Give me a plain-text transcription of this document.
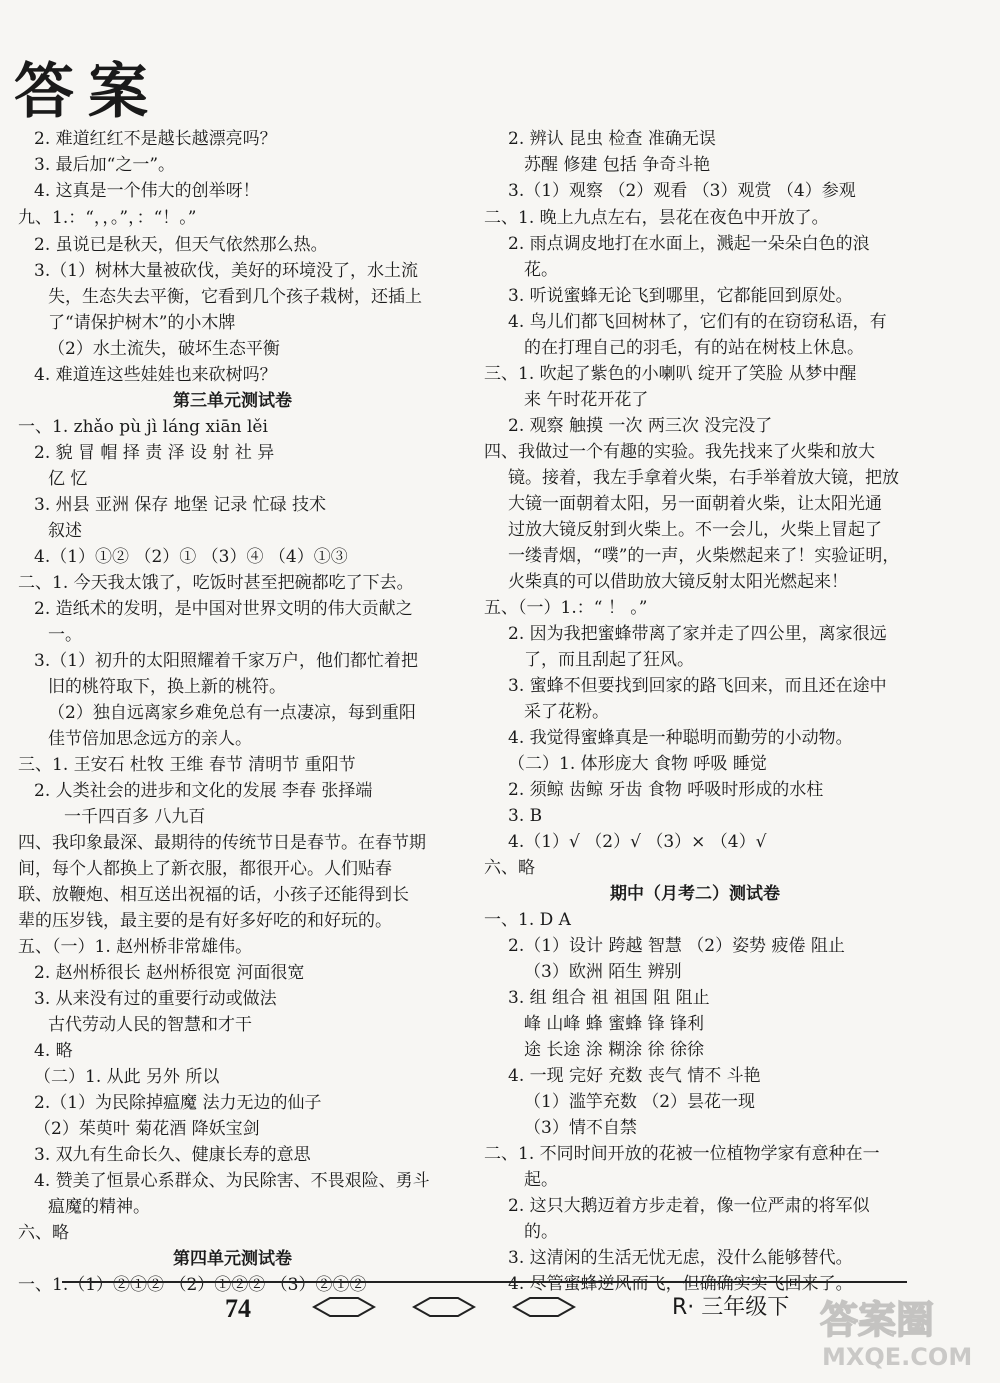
答案
2. 难道红红不是越长越漂亮吗？
3. 最后加“之一”。
4. 这真是一个伟大的创举呀！
九、1.：“，，。”，：“！。”
2. 虽说已是秋天，但天气依然那么热。
3.（1）树林大量被砍伐，美好的环境没了，水土流
失，生态失去平衡，它看到几个孩子栽树，还插上
了“请保护树木”的小木牌
（2）水土流失，破坏生态平衡
4. 难道连这些娃娃也来砍树吗？
第三单元测试卷
一、1. zhǎo pù jì láng xiān lěi
2. 貌 冒 帽 择 责 泽 设 射 社 异
亿 忆
3. 州县 亚洲 保存 地堡 记录 忙碌 技术
叙述
4.（1）①② （2）① （3）④ （4）①③
二、1. 今天我太饿了，吃饭时甚至把碗都吃了下去。
2. 造纸术的发明，是中国对世界文明的伟大贡献之
一。
3.（1）初升的太阳照耀着千家万户，他们都忙着把
旧的桃符取下，换上新的桃符。
（2）独自远离家乡难免总有一点凄凉，每到重阳
佳节倍加思念远方的亲人。
三、1. 王安石 杜牧 王维 春节 清明节 重阳节
2. 人类社会的进步和文化的发展 李春 张择端
一千四百多 八九百
四、我印象最深、最期待的传统节日是春节。在春节期
间，每个人都换上了新衣服，都很开心。人们贴春
联、放鞭炮、相互送出祝福的话，小孩子还能得到长
辈的压岁钱，最主要的是有好多好吃的和好玩的。
五、（一）1. 赵州桥非常雄伟。
2. 赵州桥很长 赵州桥很宽 河面很宽
3. 从来没有过的重要行动或做法
古代劳动人民的智慧和才干
4. 略
（二）1. 从此 另外 所以
2.（1）为民除掉瘟魔 法力无边的仙子
（2）茱萸叶 菊花酒 降妖宝剑
3. 双九有生命长久、健康长寿的意思
4. 赞美了恒景心系群众、为民除害、不畏艰险、勇斗
瘟魔的精神。
六、略
第四单元测试卷
一、1.（1）②①② （2）①②② （3）②①②
2. 辨认 昆虫 检查 准确无误
苏醒 修建 包括 争奇斗艳
3.（1）观察 （2）观看 （3）观赏 （4）参观
二、1. 晚上九点左右，昙花在夜色中开放了。
2. 雨点调皮地打在水面上，溅起一朵朵白色的浪
花。
3. 听说蜜蜂无论飞到哪里，它都能回到原处。
4. 鸟儿们都飞回树林了，它们有的在窃窃私语，有
的在打理自己的羽毛，有的站在树枝上休息。
三、1. 吹起了紫色的小喇叭 绽开了笑脸 从梦中醒
来 午时花开花了
2. 观察 触摸 一次 两三次 没完没了
四、我做过一个有趣的实验。我先找来了火柴和放大
镜。接着，我左手拿着火柴，右手举着放大镜，把放
大镜一面朝着太阳，另一面朝着火柴，让太阳光通
过放大镜反射到火柴上。不一会儿，火柴上冒起了
一缕青烟，“噗”的一声，火柴燃起来了！实验证明，
火柴真的可以借助放大镜反射太阳光燃起来！
五、（一）1.：“ ！ 。”
2. 因为我把蜜蜂带离了家并走了四公里，离家很远
了，而且刮起了狂风。
3. 蜜蜂不但要找到回家的路飞回来，而且还在途中
采了花粉。
4. 我觉得蜜蜂真是一种聪明而勤劳的小动物。
（二）1. 体形庞大 食物 呼吸 睡觉
2. 须鲸 齿鲸 牙齿 食物 呼吸时形成的水柱
3. B
4.（1）√ （2）√ （3）× （4）√
六、略
期中（月考二）测试卷
一、1. D A
2.（1）设计 跨越 智慧 （2）姿势 疲倦 阻止
（3）欧洲 陌生 辨别
3. 组 组合 祖 祖国 阻 阻止
峰 山峰 蜂 蜜蜂 锋 锋利
途 长途 涂 糊涂 徐 徐徐
4. 一现 完好 充数 丧气 情不 斗艳
（1）滥竽充数 （2）昙花一现
（3）情不自禁
二、1. 不同时间开放的花被一位植物学家有意种在一
起。
2. 这只大鹅迈着方步走着，像一位严肃的将军似
的。
3. 这清闲的生活无忧无虑，没什么能够替代。
4. 尽管蜜蜂逆风而飞，但确确实实飞回来了。
74	R· 三年级下 答案圈
MXQE.COM
